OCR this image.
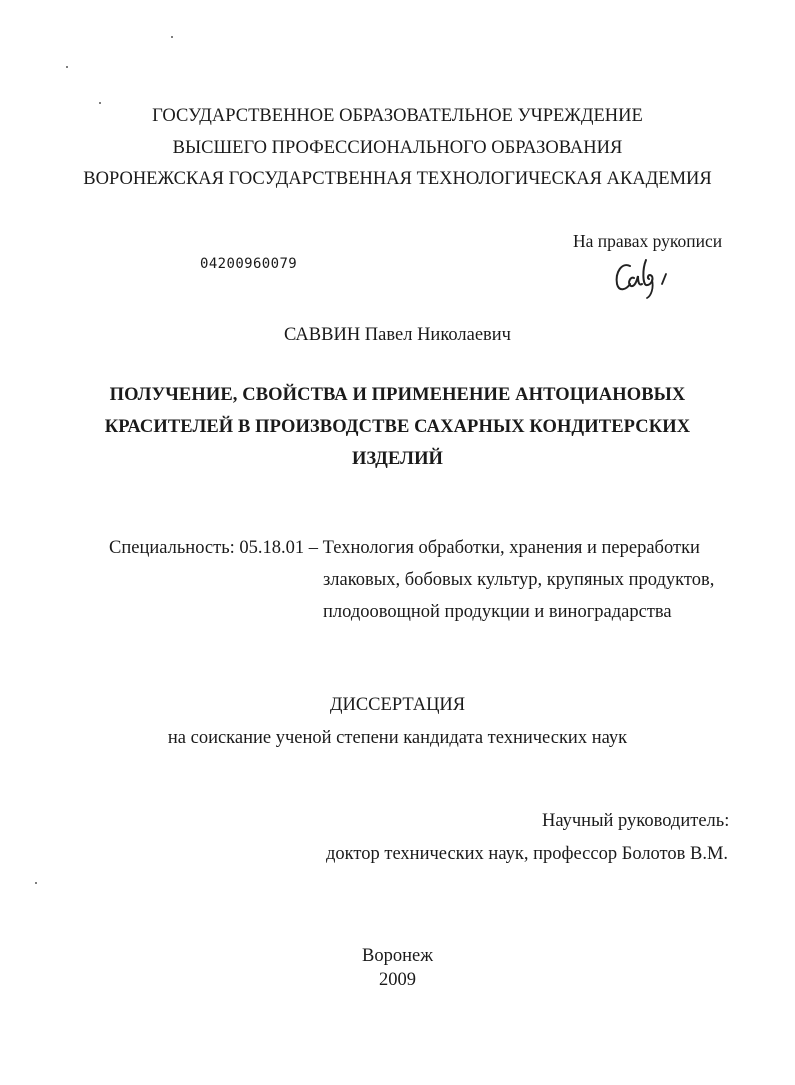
ГОСУДАРСТВЕННОЕ ОБРАЗОВАТЕЛЬНОЕ УЧРЕЖДЕНИЕ
ВЫСШЕГО ПРОФЕССИОНАЛЬНОГО ОБРАЗОВАНИЯ
ВОРОНЕЖСКАЯ ГОСУДАРСТВЕННАЯ ТЕХНОЛОГИЧЕСКАЯ АКАДЕМИЯ
На правах рукописи
04200960079
САВВИН Павел Николаевич
ПОЛУЧЕНИЕ, СВОЙСТВА И ПРИМЕНЕНИЕ АНТОЦИАНОВЫХ
КРАСИТЕЛЕЙ В ПРОИЗВОДСТВЕ САХАРНЫХ КОНДИТЕРСКИХ
ИЗДЕЛИЙ
Специальность: 05.18.01 – Технология обработки, хранения и переработки
злаковых, бобовых культур, крупяных продуктов,
плодоовощной продукции и виноградарства
ДИССЕРТАЦИЯ
на соискание ученой степени кандидата технических наук
Научный руководитель:
доктор технических наук, профессор Болотов В.М.
Воронеж
2009
